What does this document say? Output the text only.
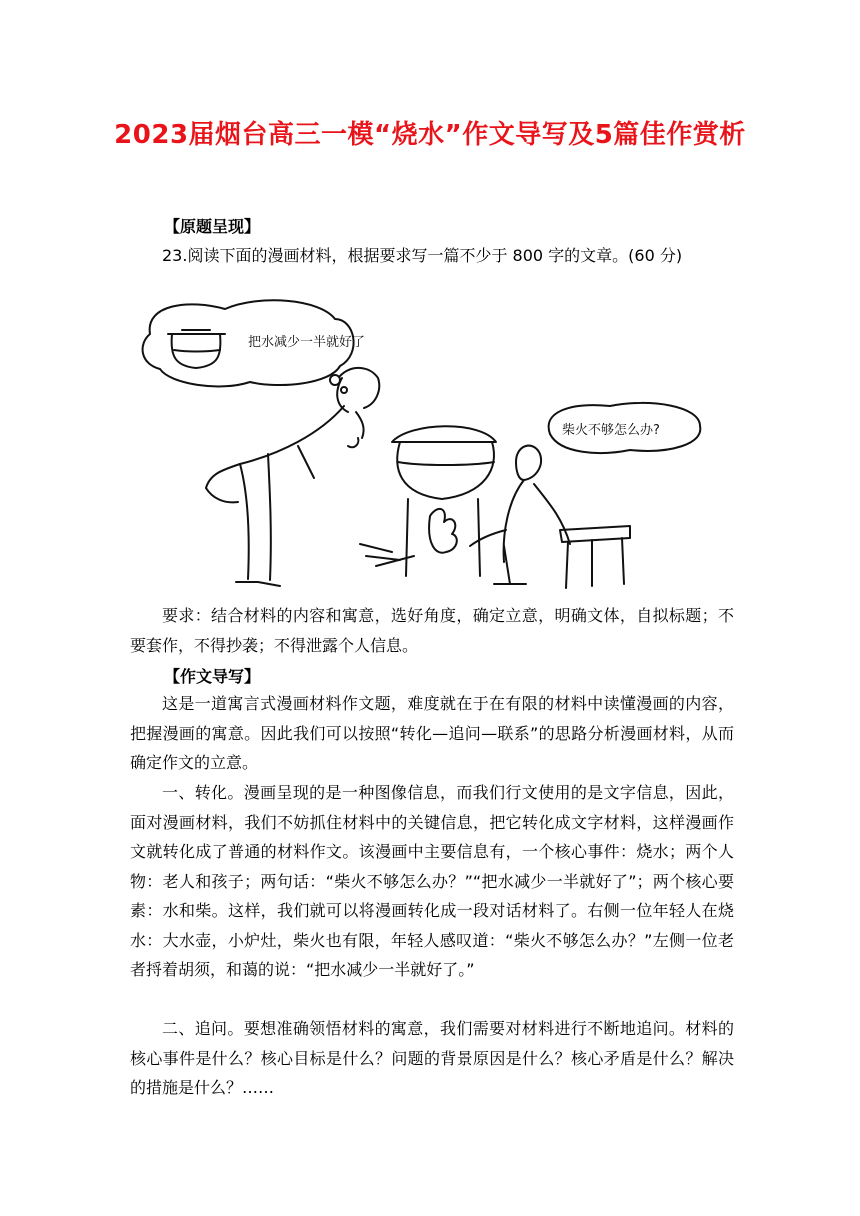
2023届烟台高三一模“烧水”作文导写及5篇佳作赏析
【原题呈现】

23.阅读下面的漫画材料，根据要求写一篇不少于 800 字的文章。(60 分)

把水减少一半就好了
柴火不够怎么办?

要求：结合材料的内容和寓意，选好角度，确定立意，明确文体，自拟标题；不要套作，不得抄袭；不得泄露个人信息。

【作文导写】

这是一道寓言式漫画材料作文题，难度就在于在有限的材料中读懂漫画的内容，把握漫画的寓意。因此我们可以按照“转化—追问—联系”的思路分析漫画材料，从而确定作文的立意。

一、转化。漫画呈现的是一种图像信息，而我们行文使用的是文字信息，因此，面对漫画材料，我们不妨抓住材料中的关键信息，把它转化成文字材料，这样漫画作文就转化成了普通的材料作文。该漫画中主要信息有，一个核心事件：烧水；两个人物：老人和孩子；两句话：“柴火不够怎么办？”“把水减少一半就好了”；两个核心要素：水和柴。这样，我们就可以将漫画转化成一段对话材料了。右侧一位年轻人在烧水：大水壶，小炉灶，柴火也有限，年轻人感叹道：“柴火不够怎么办？”左侧一位老者捋着胡须，和蔼的说：“把水减少一半就好了。”

二、追问。要想准确领悟材料的寓意，我们需要对材料进行不断地追问。材料的核心事件是什么？核心目标是什么？问题的背景原因是什么？核心矛盾是什么？解决的措施是什么？……
